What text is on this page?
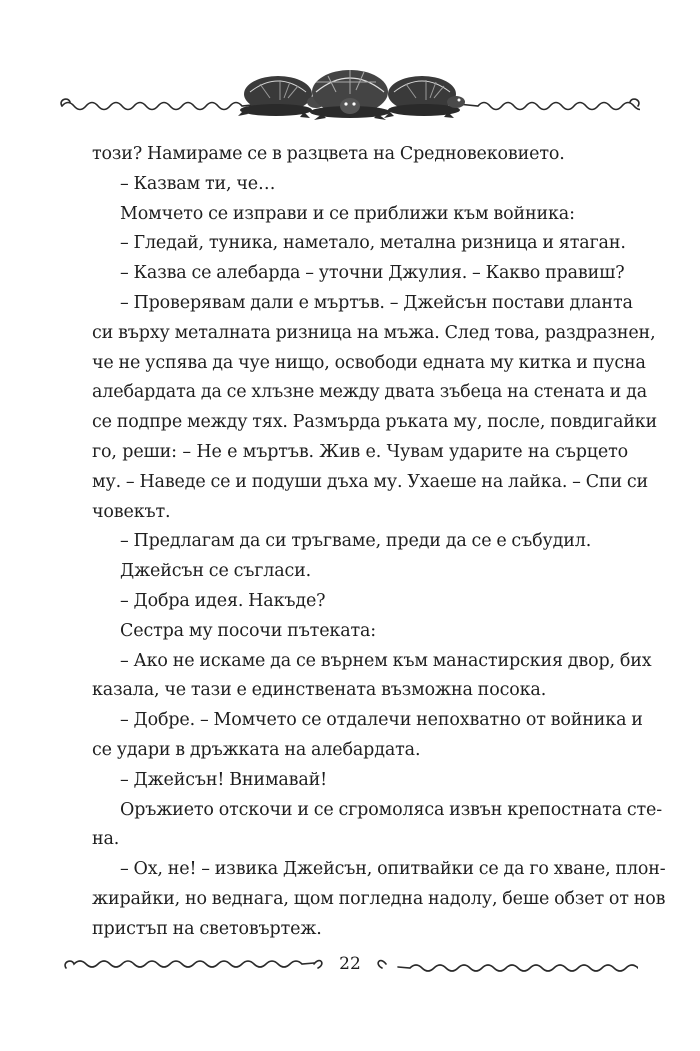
този? Намираме се в разцвета на Средновековието.

– Казвам ти, че…

Момчето се изправи и се приближи към войника:

– Гледай, туника, наметало, метална ризница и ятаган.

– Казва се алебарда – уточни Джулия. – Какво правиш?

– Проверявам дали е мъртъв. – Джейсън постави дланта

си върху металната ризница на мъжа. След това, раздразнен,

че не успява да чуе нищо, освободи едната му китка и пусна

алебардата да се хлъзне между двата зъбеца на стената и да

се подпре между тях. Размърда ръката му, после, повдигайки

го, реши: – Не е мъртъв. Жив е. Чувам ударите на сърцето

му. – Наведе се и подуши дъха му. Ухаеше на лайка. – Спи си

човекът.

– Предлагам да си тръгваме, преди да се е събудил.

Джейсън се съгласи.

– Добра идея. Накъде?

Сестра му посочи пътеката:

– Ако не искаме да се върнем към манастирския двор, бих

казала, че тази е единствената възможна посока.

– Добре. – Момчето се отдалечи непохватно от войника и

се удари в дръжката на алебардата.

– Джейсън! Внимавай!

Оръжието отскочи и се сгромоляса извън крепостната сте-

на.

– Ох, не! – извика Джейсън, опитвайки се да го хване, плон-

жирайки, но веднага, щом погледна надолу, беше обзет от нов

пристъп на световъртеж.

22
